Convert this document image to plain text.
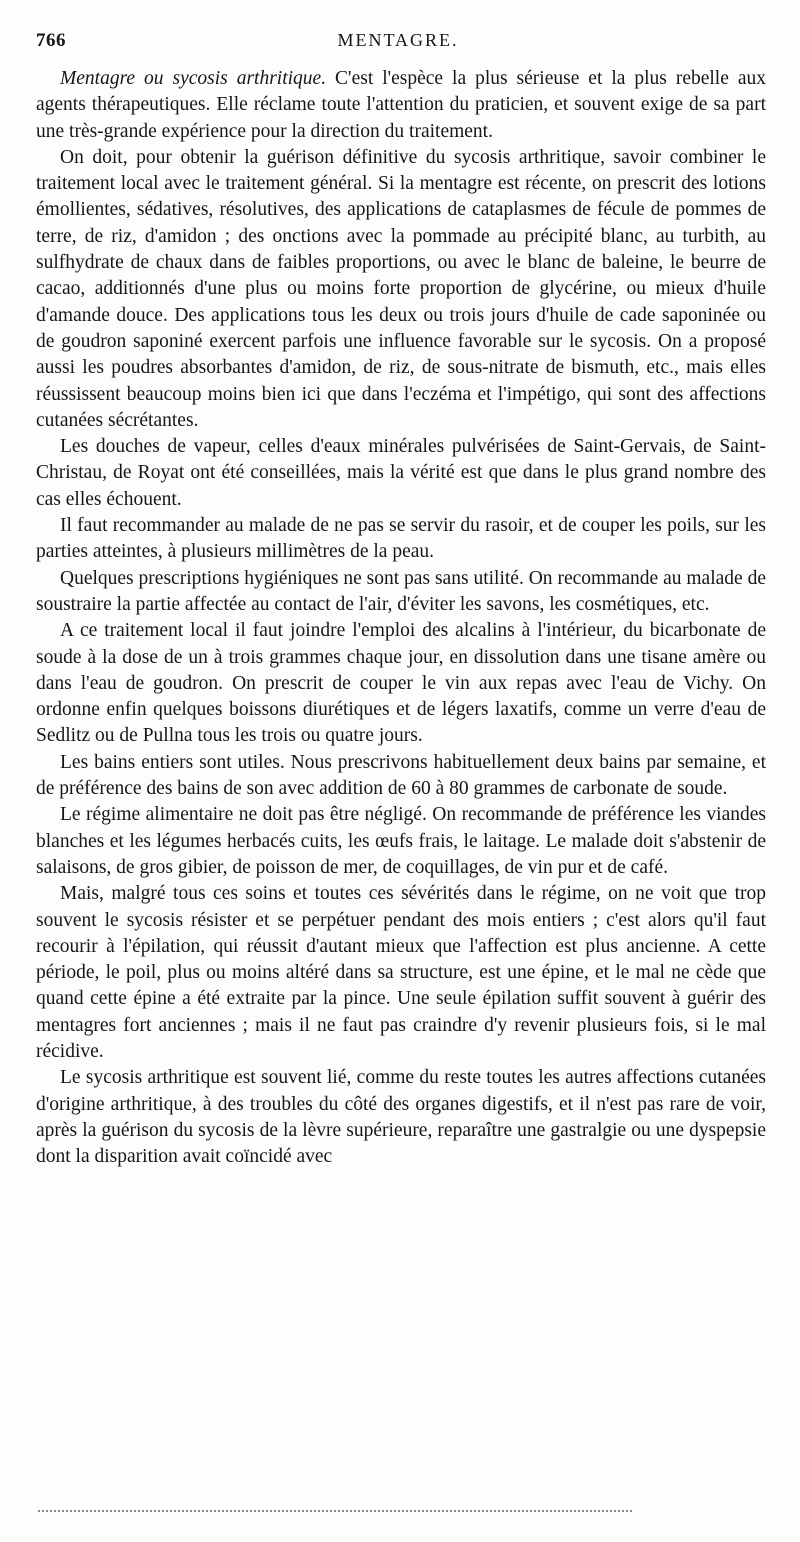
766	MENTAGRE.

Mentagre ou sycosis arthritique. C'est l'espèce la plus sérieuse et la plus rebelle aux agents thérapeutiques. Elle réclame toute l'attention du praticien, et souvent exige de sa part une très-grande expérience pour la direction du traitement.

On doit, pour obtenir la guérison définitive du sycosis arthritique, savoir combiner le traitement local avec le traitement général. Si la mentagre est récente, on prescrit des lotions émollientes, sédatives, résolutives, des applications de cataplasmes de fécule de pommes de terre, de riz, d'amidon ; des onctions avec la pommade au précipité blanc, au turbith, au sulfhydrate de chaux dans de faibles proportions, ou avec le blanc de baleine, le beurre de cacao, additionnés d'une plus ou moins forte proportion de glycérine, ou mieux d'huile d'amande douce. Des applications tous les deux ou trois jours d'huile de cade saponinée ou de goudron saponiné exercent parfois une influence favorable sur le sycosis. On a proposé aussi les poudres absorbantes d'amidon, de riz, de sous-nitrate de bismuth, etc., mais elles réussissent beaucoup moins bien ici que dans l'eczéma et l'impétigo, qui sont des affections cutanées sécrétantes.

Les douches de vapeur, celles d'eaux minérales pulvérisées de Saint-Gervais, de Saint-Christau, de Royat ont été conseillées, mais la vérité est que dans le plus grand nombre des cas elles échouent.

Il faut recommander au malade de ne pas se servir du rasoir, et de couper les poils, sur les parties atteintes, à plusieurs millimètres de la peau.

Quelques prescriptions hygiéniques ne sont pas sans utilité. On recommande au malade de soustraire la partie affectée au contact de l'air, d'éviter les savons, les cosmétiques, etc.

A ce traitement local il faut joindre l'emploi des alcalins à l'intérieur, du bicarbonate de soude à la dose de un à trois grammes chaque jour, en dissolution dans une tisane amère ou dans l'eau de goudron. On prescrit de couper le vin aux repas avec l'eau de Vichy. On ordonne enfin quelques boissons diurétiques et de légers laxatifs, comme un verre d'eau de Sedlitz ou de Pullna tous les trois ou quatre jours.

Les bains entiers sont utiles. Nous prescrivons habituellement deux bains par semaine, et de préférence des bains de son avec addition de 60 à 80 grammes de carbonate de soude.

Le régime alimentaire ne doit pas être négligé. On recommande de préférence les viandes blanches et les légumes herbacés cuits, les œufs frais, le laitage. Le malade doit s'abstenir de salaisons, de gros gibier, de poisson de mer, de coquillages, de vin pur et de café.

Mais, malgré tous ces soins et toutes ces sévérités dans le régime, on ne voit que trop souvent le sycosis résister et se perpétuer pendant des mois entiers ; c'est alors qu'il faut recourir à l'épilation, qui réussit d'autant mieux que l'affection est plus ancienne. A cette période, le poil, plus ou moins altéré dans sa structure, est une épine, et le mal ne cède que quand cette épine a été extraite par la pince. Une seule épilation suffit souvent à guérir des mentagres fort anciennes ; mais il ne faut pas craindre d'y revenir plusieurs fois, si le mal récidive.

Le sycosis arthritique est souvent lié, comme du reste toutes les autres affections cutanées d'origine arthritique, à des troubles du côté des organes digestifs, et il n'est pas rare de voir, après la guérison du sycosis de la lèvre supérieure, reparaître une gastralgie ou une dyspepsie dont la disparition avait coïncidé avec
